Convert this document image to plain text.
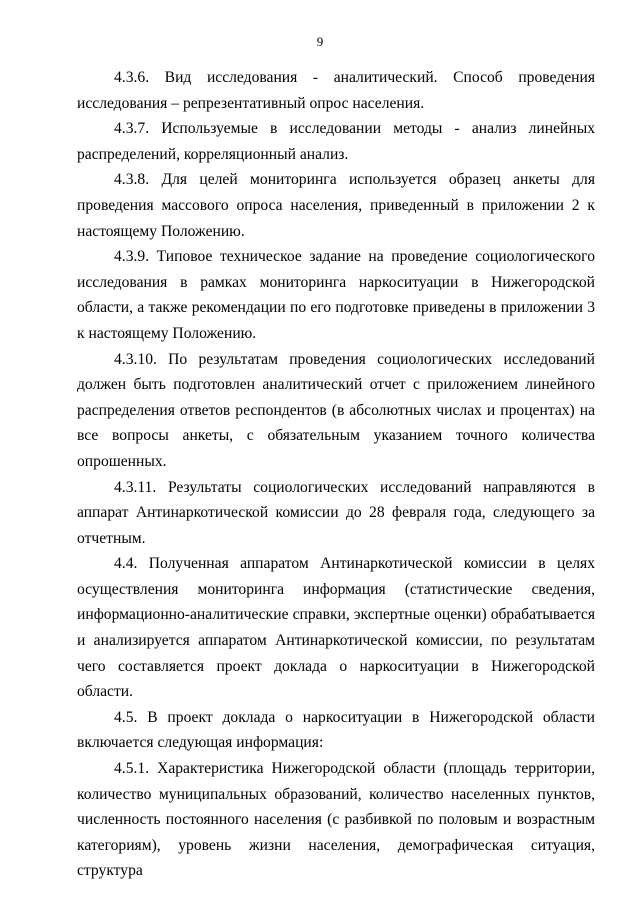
9

4.3.6. Вид исследования - аналитический. Способ проведения исследования – репрезентативный опрос населения.

4.3.7. Используемые в исследовании методы - анализ линейных распределений, корреляционный анализ.

4.3.8. Для целей мониторинга используется образец анкеты для проведения массового опроса населения, приведенный в приложении 2 к настоящему Положению.

4.3.9. Типовое техническое задание на проведение социологического исследования в рамках мониторинга наркоситуации в Нижегородской области, а также рекомендации по его подготовке приведены в приложении 3 к настоящему Положению.

4.3.10. По результатам проведения социологических исследований должен быть подготовлен аналитический отчет с приложением линейного распределения ответов респондентов (в абсолютных числах и процентах) на все вопросы анкеты, с обязательным указанием точного количества опрошенных.

4.3.11. Результаты социологических исследований направляются в аппарат Антинаркотической комиссии до 28 февраля года, следующего за отчетным.

4.4. Полученная аппаратом Антинаркотической комиссии в целях осуществления мониторинга информация (статистические сведения, информационно-аналитические справки, экспертные оценки) обрабатывается и анализируется аппаратом Антинаркотической комиссии, по результатам чего составляется проект доклада о наркоситуации в Нижегородской области.

4.5. В проект доклада о наркоситуации в Нижегородской области включается следующая информация:

4.5.1. Характеристика Нижегородской области (площадь территории, количество муниципальных образований, количество населенных пунктов, численность постоянного населения (с разбивкой по половым и возрастным категориям), уровень жизни населения, демографическая ситуация, структура
